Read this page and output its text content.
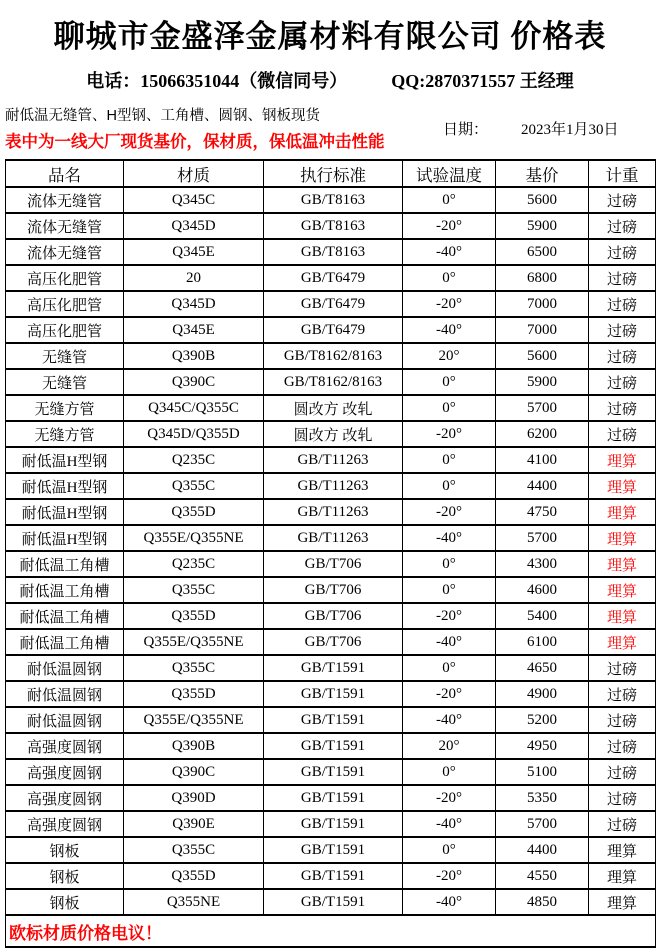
聊城市金盛泽金属材料有限公司 价格表
电话：15066351044（微信同号） QQ:2870371557 王经理
耐低温无缝管、H型钢、工角槽、圆钢、钢板现货
表中为一线大厂现货基价，保材质，保低温冲击性能
日期： 2023年1月30日
品名	材质	执行标准	试验温度	基价	计重
流体无缝管	Q345C	GB/T8163	0°	5600	过磅
流体无缝管	Q345D	GB/T8163	-20°	5900	过磅
流体无缝管	Q345E	GB/T8163	-40°	6500	过磅
高压化肥管	20	GB/T6479	0°	6800	过磅
高压化肥管	Q345D	GB/T6479	-20°	7000	过磅
高压化肥管	Q345E	GB/T6479	-40°	7000	过磅
无缝管	Q390B	GB/T8162/8163	20°	5600	过磅
无缝管	Q390C	GB/T8162/8163	0°	5900	过磅
无缝方管	Q345C/Q355C	圆改方 改轧	0°	5700	过磅
无缝方管	Q345D/Q355D	圆改方 改轧	-20°	6200	过磅
耐低温H型钢	Q235C	GB/T11263	0°	4100	理算
耐低温H型钢	Q355C	GB/T11263	0°	4400	理算
耐低温H型钢	Q355D	GB/T11263	-20°	4750	理算
耐低温H型钢	Q355E/Q355NE	GB/T11263	-40°	5700	理算
耐低温工角槽	Q235C	GB/T706	0°	4300	理算
耐低温工角槽	Q355C	GB/T706	0°	4600	理算
耐低温工角槽	Q355D	GB/T706	-20°	5400	理算
耐低温工角槽	Q355E/Q355NE	GB/T706	-40°	6100	理算
耐低温圆钢	Q355C	GB/T1591	0°	4650	过磅
耐低温圆钢	Q355D	GB/T1591	-20°	4900	过磅
耐低温圆钢	Q355E/Q355NE	GB/T1591	-40°	5200	过磅
高强度圆钢	Q390B	GB/T1591	20°	4950	过磅
高强度圆钢	Q390C	GB/T1591	0°	5100	过磅
高强度圆钢	Q390D	GB/T1591	-20°	5350	过磅
高强度圆钢	Q390E	GB/T1591	-40°	5700	过磅
钢板	Q355C	GB/T1591	0°	4400	理算
钢板	Q355D	GB/T1591	-20°	4550	理算
钢板	Q355NE	GB/T1591	-40°	4850	理算
欧标材质价格电议！					
